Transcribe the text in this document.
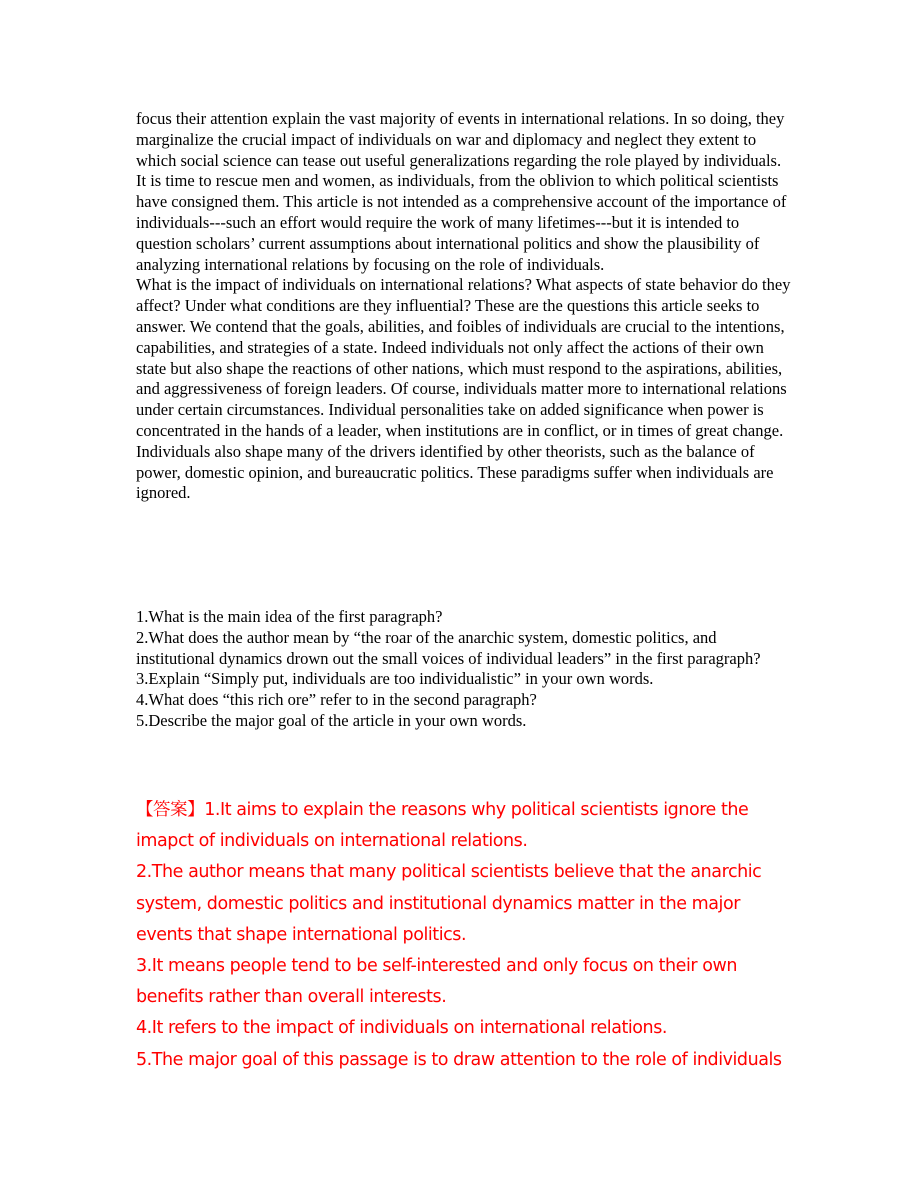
focus their attention explain the vast majority of events in international relations. In so doing, they marginalize the crucial impact of individuals on war and diplomacy and neglect they extent to which social science can tease out useful generalizations regarding the role played by individuals.

It is time to rescue men and women, as individuals, from the oblivion to which political scientists have consigned them. This article is not intended as a comprehensive account of the importance of individuals---such an effort would require the work of many lifetimes---but it is intended to question scholars’ current assumptions about international politics and show the plausibility of analyzing international relations by focusing on the role of individuals.

What is the impact of individuals on international relations? What aspects of state behavior do they affect? Under what conditions are they influential? These are the questions this article seeks to answer. We contend that the goals, abilities, and foibles of individuals are crucial to the intentions, capabilities, and strategies of a state. Indeed individuals not only affect the actions of their own state but also shape the reactions of other nations, which must respond to the aspirations, abilities, and aggressiveness of foreign leaders. Of course, individuals matter more to international relations under certain circumstances. Individual personalities take on added significance when power is concentrated in the hands of a leader, when institutions are in conflict, or in times of great change. Individuals also shape many of the drivers identified by other theorists, such as the balance of power, domestic opinion, and bureaucratic politics. These paradigms suffer when individuals are ignored.

1.What is the main idea of the first paragraph?

2.What does the author mean by “the roar of the anarchic system, domestic politics, and institutional dynamics drown out the small voices of individual leaders” in the first paragraph?

3.Explain “Simply put, individuals are too individualistic” in your own words.

4.What does “this rich ore” refer to in the second paragraph?

5.Describe the major goal of the article in your own words.

【答案】1.It aims to explain the reasons why political scientists ignore the imapct of individuals on international relations.

2.The author means that many political scientists believe that the anarchic system, domestic politics and institutional dynamics matter in the major events that shape international politics.

3.It means people tend to be self-interested and only focus on their own benefits rather than overall interests.

4.It refers to the impact of individuals on international relations.

5.The major goal of this passage is to draw attention to the role of individuals
